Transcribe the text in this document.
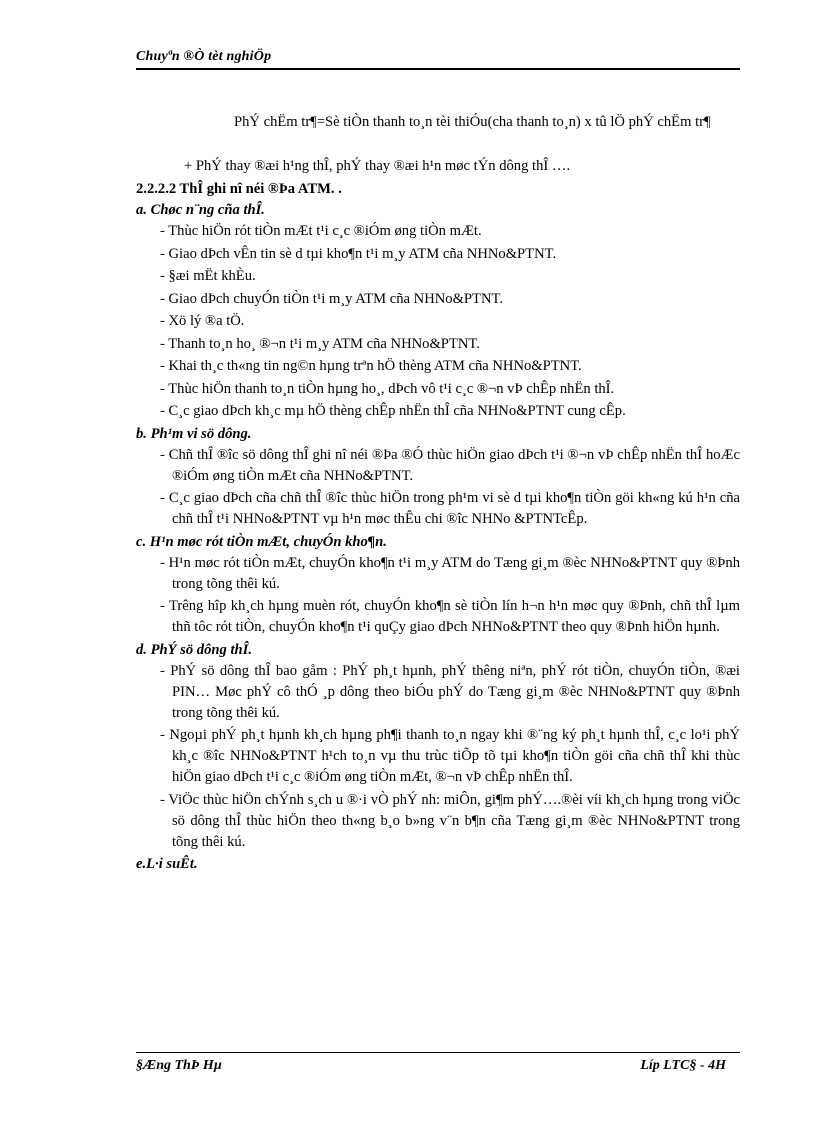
Chuyªn ®Ò tèt nghiÖp
PhÝ chËm tr¶=Sè tiÒn thanh to¸n tèi thiÓu(cha thanh to¸n) x tû lÖ phÝ chËm tr¶
+ PhÝ thay ®æi h¹ng thÎ, phÝ thay ®æi h¹n møc tÝn dông thÎ ….
2.2.2.2 ThÎ ghi nî néi ®Þa ATM. .
a. Chøc n¨ng cña thÎ.
- Thùc hiÖn rót tiÒn mÆt t¹i c¸c ®iÓm øng tiÒn mÆt.
- Giao dÞch vÊn tin sè d tµi kho¶n t¹i m¸y ATM cña NHNo&PTNT.
- §æi mËt khÈu.
- Giao dÞch chuyÓn tiÒn t¹i m¸y ATM cña NHNo&PTNT.
- Xö lý ®a tÖ.
- Thanh to¸n ho¸ ®¬n t¹i m¸y ATM cña NHNo&PTNT.
- Khai th¸c th«ng tin ng©n hµng trªn hÖ thèng ATM cña NHNo&PTNT.
- Thùc hiÖn thanh to¸n tiÒn hµng ho¸, dÞch vô t¹i c¸c ®¬n vÞ chÊp nhËn thÎ.
- C¸c giao dÞch kh¸c mµ hÖ thèng chÊp nhËn thÎ cña NHNo&PTNT cung cÊp.
b. Ph¹m vi sö dông.
- Chñ thÎ ®îc sö dông thÎ ghi nî néi ®Þa ®Ó thùc hiÖn giao dÞch t¹i ®¬n vÞ chÊp nhËn thÎ hoÆc ®iÓm øng tiÒn mÆt cña NHNo&PTNT.
- C¸c giao dÞch cña chñ thÎ ®îc thùc hiÖn trong ph¹m vi sè d tµi kho¶n tiÒn göi kh«ng kú h¹n cña chñ thÎ t¹i NHNo&PTNT vµ h¹n møc thÊu chi ®îc NHNo &PTNTcÊp.
c. H¹n møc rót tiÒn mÆt, chuyÓn kho¶n.
- H¹n møc rót tiÒn mÆt, chuyÓn kho¶n t¹i m¸y ATM do Tæng gi¸m ®èc NHNo&PTNT quy ®Þnh trong tõng thêi kú.
- Trêng hîp kh¸ch hµng muèn rót, chuyÓn kho¶n sè tiÒn lín h¬n h¹n møc quy ®Þnh, chñ thÎ lµm thñ tôc rót tiÒn, chuyÓn kho¶n t¹i quÇy giao dÞch NHNo&PTNT theo quy ®Þnh hiÖn hµnh.
d. PhÝ sö dông thÎ.
- PhÝ sö dông thÎ bao gåm : PhÝ ph¸t hµnh, phÝ thêng niªn, phÝ rót tiÒn, chuyÓn tiÒn, ®æi PIN… Møc phÝ cô thÓ ¸p dông theo biÓu phÝ do Tæng gi¸m ®èc NHNo&PTNT quy ®Þnh trong tõng thêi kú.
- Ngoµi phÝ ph¸t hµnh kh¸ch hµng ph¶i thanh to¸n ngay khi ®¨ng ký ph¸t hµnh thÎ, c¸c lo¹i phÝ kh¸c ®îc NHNo&PTNT h¹ch to¸n vµ thu trùc tiÕp tõ tµi kho¶n tiÒn göi cña chñ thÎ khi thùc hiÖn giao dÞch t¹i c¸c ®iÓm øng tiÒn mÆt, ®¬n vÞ chÊp nhËn thÎ.
- ViÖc thùc hiÖn chÝnh s¸ch u ®·i vÒ phÝ nh: miÔn, gi¶m phÝ….®èi víi kh¸ch hµng trong viÖc sö dông thÎ thùc hiÖn theo th«ng b¸o b»ng v¨n b¶n cña Tæng gi¸m ®èc NHNo&PTNT trong tõng thêi kú.
e.L·i suÊt.
§Æng ThÞ Hµ	Líp LTC§ - 4H
